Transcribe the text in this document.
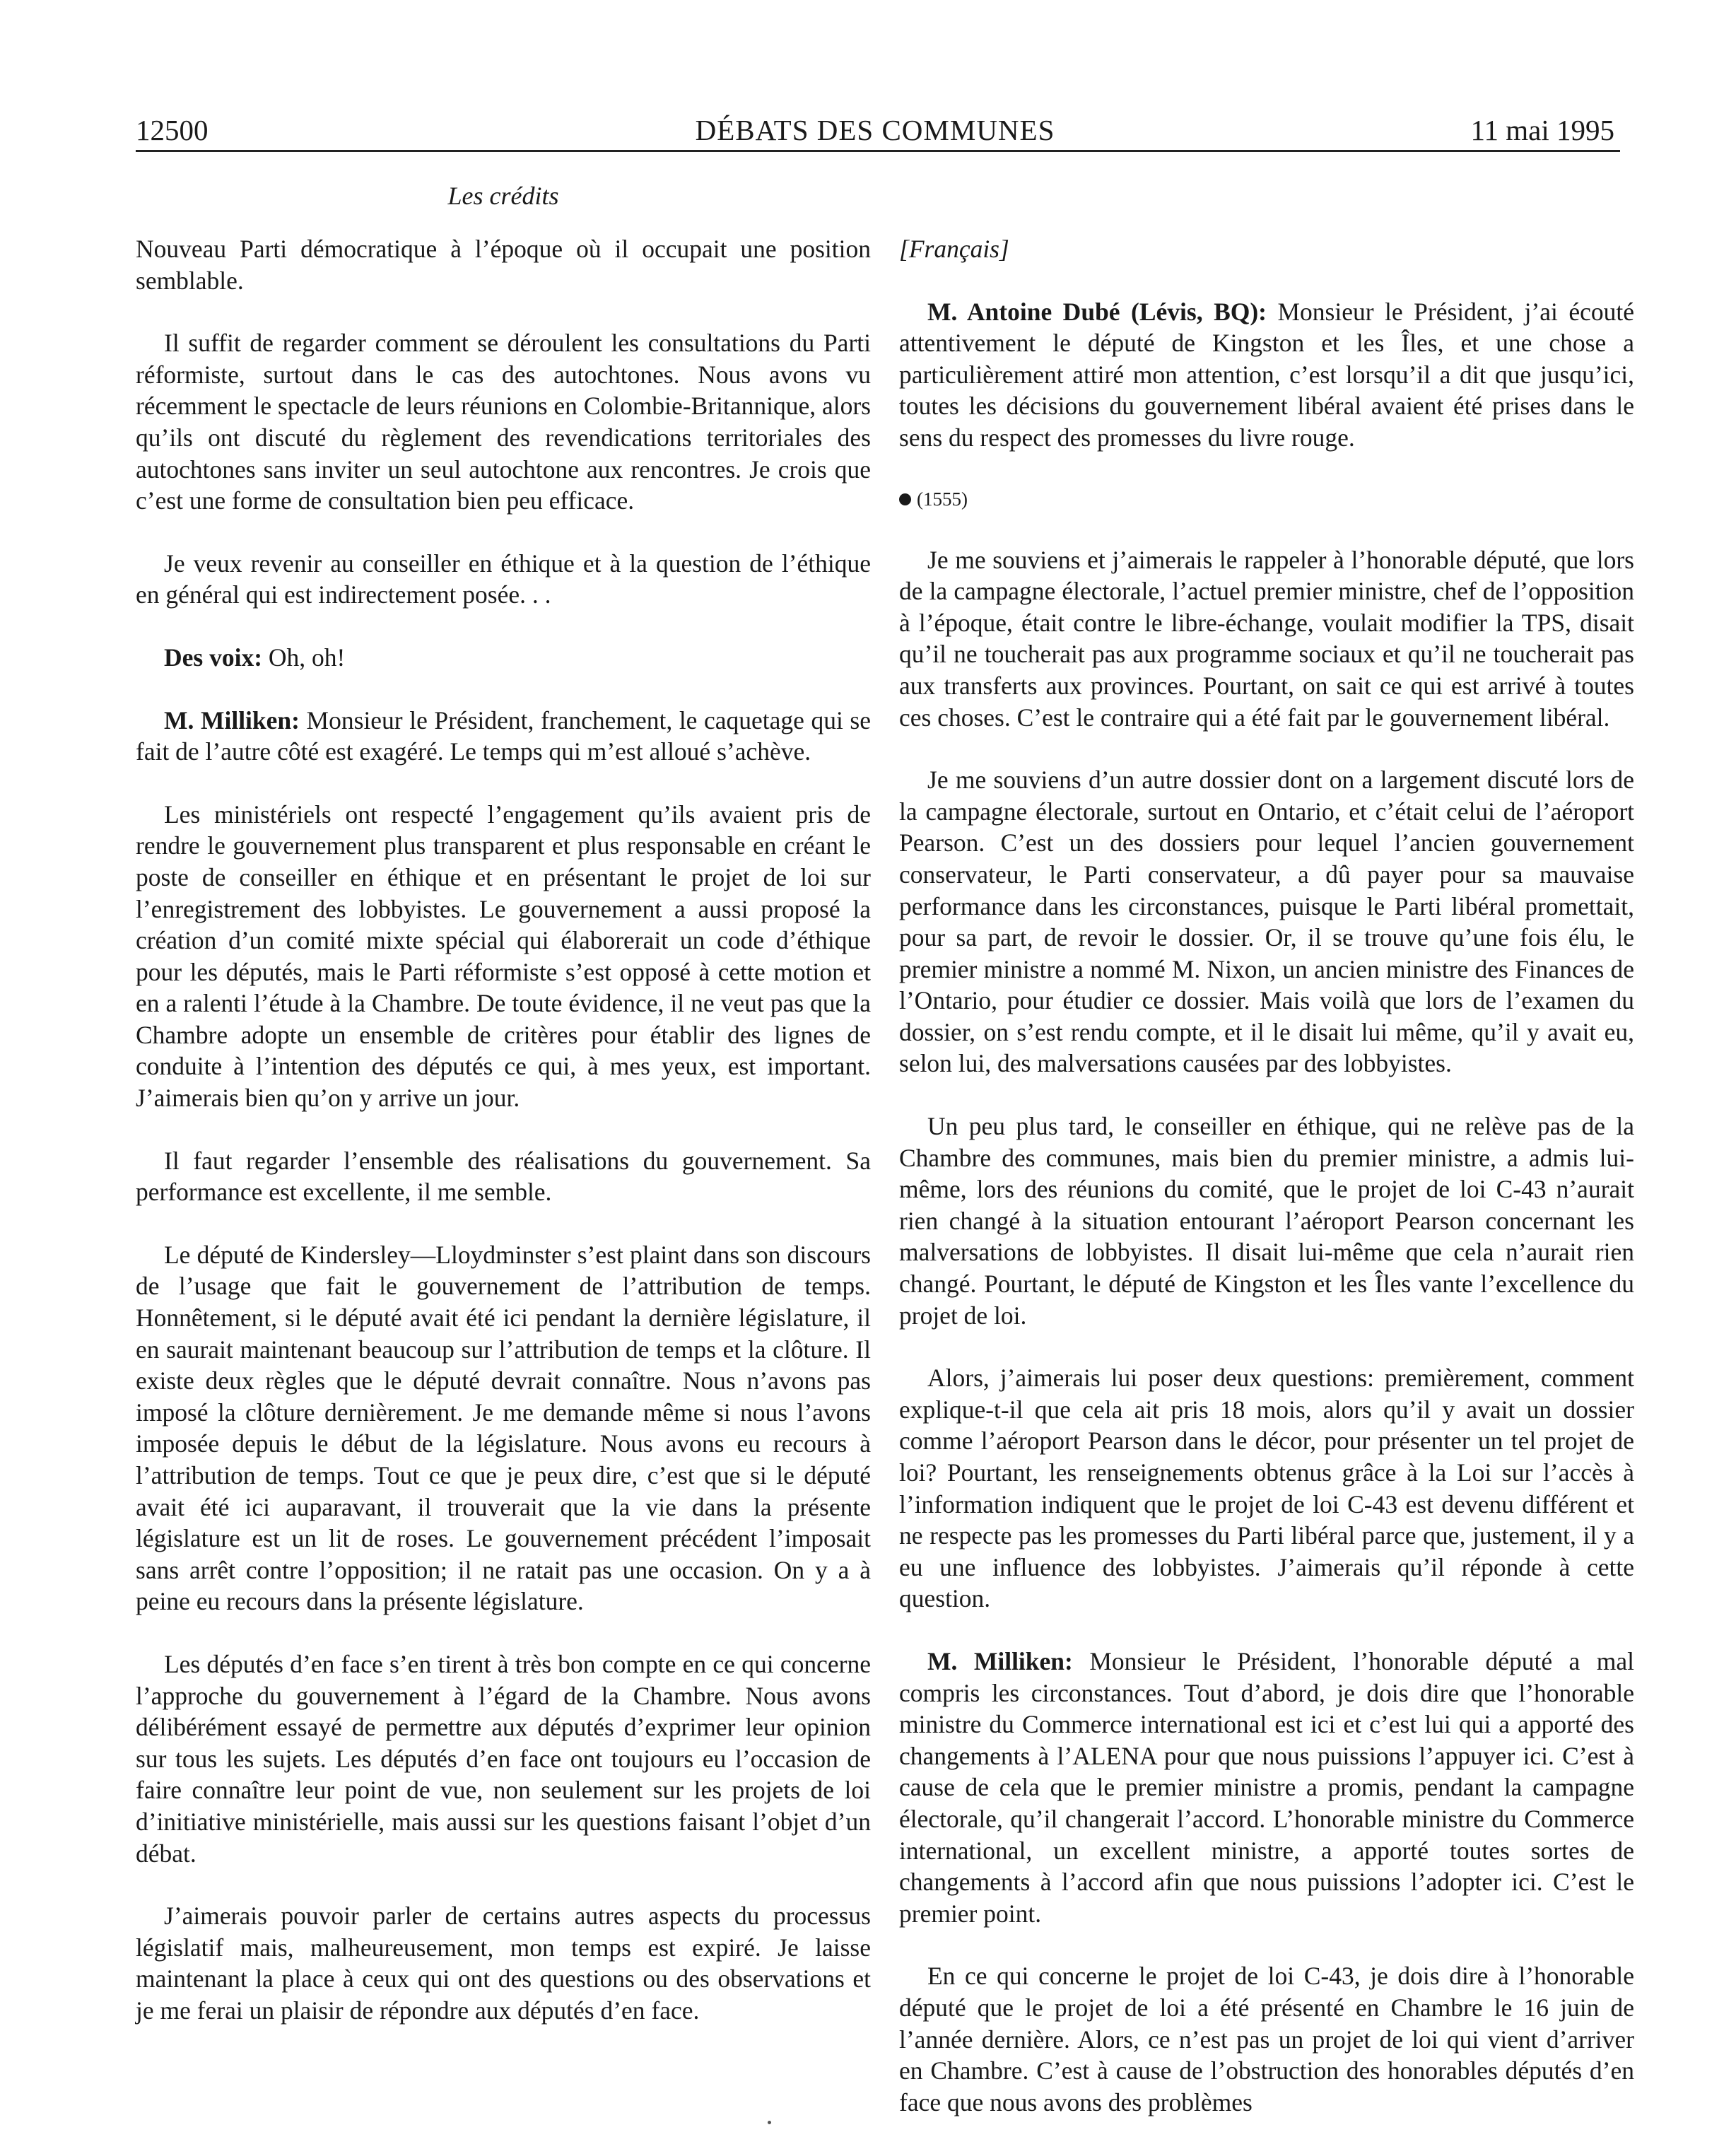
12500	DÉBATS DES COMMUNES	11 mai 1995
Les crédits

Nouveau Parti démocratique à l’époque où il occupait une position semblable.

Il suffit de regarder comment se déroulent les consultations du Parti réformiste, surtout dans le cas des autochtones. Nous avons vu récemment le spectacle de leurs réunions en Colombie-Britannique, alors qu’ils ont discuté du règlement des revendications territoriales des autochtones sans inviter un seul autochtone aux rencontres. Je crois que c’est une forme de consultation bien peu efficace.

Je veux revenir au conseiller en éthique et à la question de l’éthique en général qui est indirectement posée. . .

Des voix: Oh, oh!

M. Milliken: Monsieur le Président, franchement, le caquetage qui se fait de l’autre côté est exagéré. Le temps qui m’est alloué s’achève.

Les ministériels ont respecté l’engagement qu’ils avaient pris de rendre le gouvernement plus transparent et plus responsable en créant le poste de conseiller en éthique et en présentant le projet de loi sur l’enregistrement des lobbyistes. Le gouvernement a aussi proposé la création d’un comité mixte spécial qui élaborerait un code d’éthique pour les députés, mais le Parti réformiste s’est opposé à cette motion et en a ralenti l’étude à la Chambre. De toute évidence, il ne veut pas que la Chambre adopte un ensemble de critères pour établir des lignes de conduite à l’intention des députés ce qui, à mes yeux, est important. J’aimerais bien qu’on y arrive un jour.

Il faut regarder l’ensemble des réalisations du gouvernement. Sa performance est excellente, il me semble.

Le député de Kindersley—Lloydminster s’est plaint dans son discours de l’usage que fait le gouvernement de l’attribution de temps. Honnêtement, si le député avait été ici pendant la dernière législature, il en saurait maintenant beaucoup sur l’attribution de temps et la clôture. Il existe deux règles que le député devrait connaître. Nous n’avons pas imposé la clôture dernièrement. Je me demande même si nous l’avons imposée depuis le début de la législature. Nous avons eu recours à l’attribution de temps. Tout ce que je peux dire, c’est que si le député avait été ici auparavant, il trouverait que la vie dans la présente législature est un lit de roses. Le gouvernement précédent l’imposait sans arrêt contre l’opposition; il ne ratait pas une occasion. On y a à peine eu recours dans la présente législature.

Les députés d’en face s’en tirent à très bon compte en ce qui concerne l’approche du gouvernement à l’égard de la Chambre. Nous avons délibérément essayé de permettre aux députés d’exprimer leur opinion sur tous les sujets. Les députés d’en face ont toujours eu l’occasion de faire connaître leur point de vue, non seulement sur les projets de loi d’initiative ministérielle, mais aussi sur les questions faisant l’objet d’un débat.

J’aimerais pouvoir parler de certains autres aspects du processus législatif mais, malheureusement, mon temps est expiré. Je laisse maintenant la place à ceux qui ont des questions ou des observations et je me ferai un plaisir de répondre aux députés d’en face.

[Français]

M. Antoine Dubé (Lévis, BQ): Monsieur le Président, j’ai écouté attentivement le député de Kingston et les Îles, et une chose a particulièrement attiré mon attention, c’est lorsqu’il a dit que jusqu’ici, toutes les décisions du gouvernement libéral avaient été prises dans le sens du respect des promesses du livre rouge.

(1555)

Je me souviens et j’aimerais le rappeler à l’honorable député, que lors de la campagne électorale, l’actuel premier ministre, chef de l’opposition à l’époque, était contre le libre-échange, voulait modifier la TPS, disait qu’il ne toucherait pas aux programme sociaux et qu’il ne toucherait pas aux transferts aux provinces. Pourtant, on sait ce qui est arrivé à toutes ces choses. C’est le contraire qui a été fait par le gouvernement libéral.

Je me souviens d’un autre dossier dont on a largement discuté lors de la campagne électorale, surtout en Ontario, et c’était celui de l’aéroport Pearson. C’est un des dossiers pour lequel l’ancien gouvernement conservateur, le Parti conservateur, a dû payer pour sa mauvaise performance dans les circonstances, puisque le Parti libéral promettait, pour sa part, de revoir le dossier. Or, il se trouve qu’une fois élu, le premier ministre a nommé M. Nixon, un ancien ministre des Finances de l’Ontario, pour étudier ce dossier. Mais voilà que lors de l’examen du dossier, on s’est rendu compte, et il le disait lui même, qu’il y avait eu, selon lui, des malversations causées par des lobbyistes.

Un peu plus tard, le conseiller en éthique, qui ne relève pas de la Chambre des communes, mais bien du premier ministre, a admis lui-même, lors des réunions du comité, que le projet de loi C-43 n’aurait rien changé à la situation entourant l’aéroport Pearson concernant les malversations de lobbyistes. Il disait lui-même que cela n’aurait rien changé. Pourtant, le député de Kingston et les Îles vante l’excellence du projet de loi.

Alors, j’aimerais lui poser deux questions: premièrement, comment explique-t-il que cela ait pris 18 mois, alors qu’il y avait un dossier comme l’aéroport Pearson dans le décor, pour présenter un tel projet de loi? Pourtant, les renseignements obtenus grâce à la Loi sur l’accès à l’information indiquent que le projet de loi C-43 est devenu différent et ne respecte pas les promesses du Parti libéral parce que, justement, il y a eu une influence des lobbyistes. J’aimerais qu’il réponde à cette question.

M. Milliken: Monsieur le Président, l’honorable député a mal compris les circonstances. Tout d’abord, je dois dire que l’honorable ministre du Commerce international est ici et c’est lui qui a apporté des changements à l’ALENA pour que nous puissions l’appuyer ici. C’est à cause de cela que le premier ministre a promis, pendant la campagne électorale, qu’il changerait l’accord. L’honorable ministre du Commerce international, un excellent ministre, a apporté toutes sortes de changements à l’accord afin que nous puissions l’adopter ici. C’est le premier point.

En ce qui concerne le projet de loi C-43, je dois dire à l’honorable député que le projet de loi a été présenté en Chambre le 16 juin de l’année dernière. Alors, ce n’est pas un projet de loi qui vient d’arriver en Chambre. C’est à cause de l’obstruction des honorables députés d’en face que nous avons des problèmes
